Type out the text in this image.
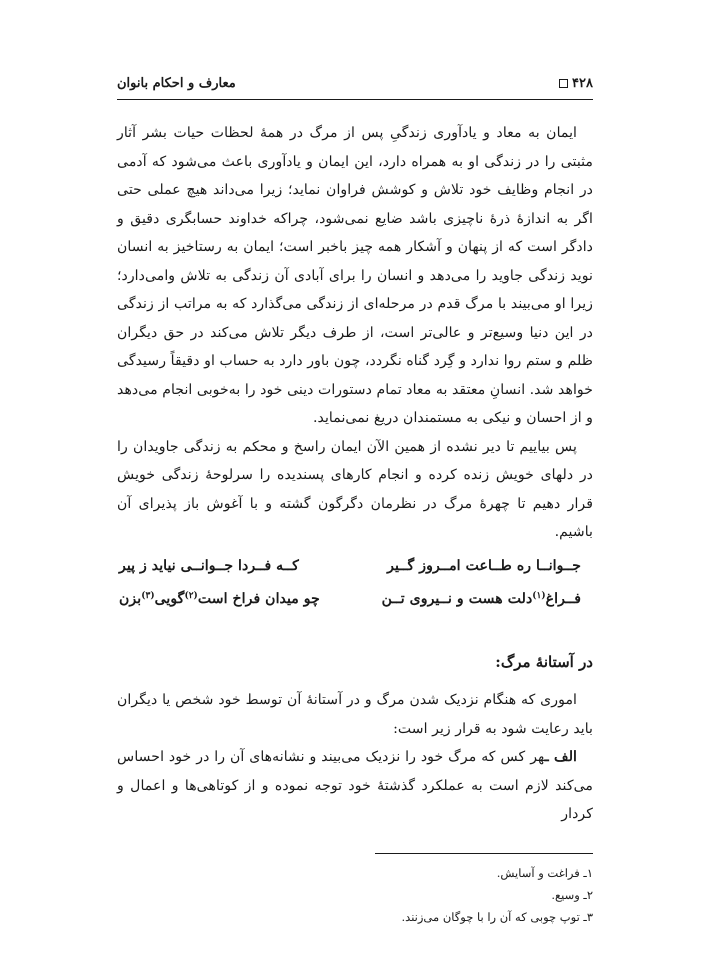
۴۲۸
معارف و احکام بانوان

ایمان به معاد و یادآوری زندگیِ پس از مرگ در همهٔ لحظات حیات بشر آثار مثبتی را در زندگی او به همراه دارد، این ایمان و یادآوری باعث می‌شود که آدمی در انجام وظایف خود تلاش و کوشش فراوان نماید؛ زیرا می‌داند هیچ عملی حتی اگر به اندازهٔ ذرهٔ ناچیزی باشد ضایع نمی‌شود، چراکه خداوند حسابگری دقیق و دادگر است که از پنهان و آشکار همه چیز باخبر است؛ ایمان به رستاخیز به انسان نوید زندگی جاوید را می‌دهد و انسان را برای آبادی آن زندگی به تلاش وامی‌دارد؛ زیرا او می‌بیند با مرگ قدم در مرحله‌ای از زندگی می‌گذارد که به مراتب از زندگی در این دنیا وسیع‌تر و عالی‌تر است، از طرف دیگر تلاش می‌کند در حق دیگران ظلم و ستم روا ندارد و گِرد گناه نگردد، چون باور دارد به حساب او دقیقاً رسیدگی خواهد شد. انسانِ معتقد به معاد تمام دستورات دینی خود را به‌خوبی انجام می‌دهد و از احسان و نیکی به مستمندان دریغ نمی‌نماید.

پس بیاییم تا دیر نشده از همین الآن ایمان راسخ و محکم به زندگی جاویدان را در دلهای خویش زنده کرده و انجام کارهای پسندیده را سرلوحهٔ زندگی خویش قرار دهیم تا چهرهٔ مرگ در نظرمان دگرگون گشته و با آغوش باز پذیرای آن باشیم.

جــوانــا ره طــاعت امــروز گــیر
کــه فــردا جــوانــی نیاید ز پیر
فــراغ$^{(۱)}$دلت هست و نــیروی تــن
چو میدان فراخ است$^{(۲)}$گویی$^{(۳)}$بزن
در آستانهٔ مرگ:

اموری که هنگام نزدیک شدن مرگ و در آستانهٔ آن توسط خود شخص یا دیگران باید رعایت شود به قرار زیر است:

الف ـهر کس که مرگ خود را نزدیک می‌بیند و نشانه‌های آن را در خود احساس می‌کند لازم است به عملکرد گذشتهٔ خود توجه نموده و از کوتاهی‌ها و اعمال و کردار

۱ـ فراغت و آسایش.
۲ـ وسیع.
۳ـ توپ چوبی که آن را با چوگان می‌زنند.
